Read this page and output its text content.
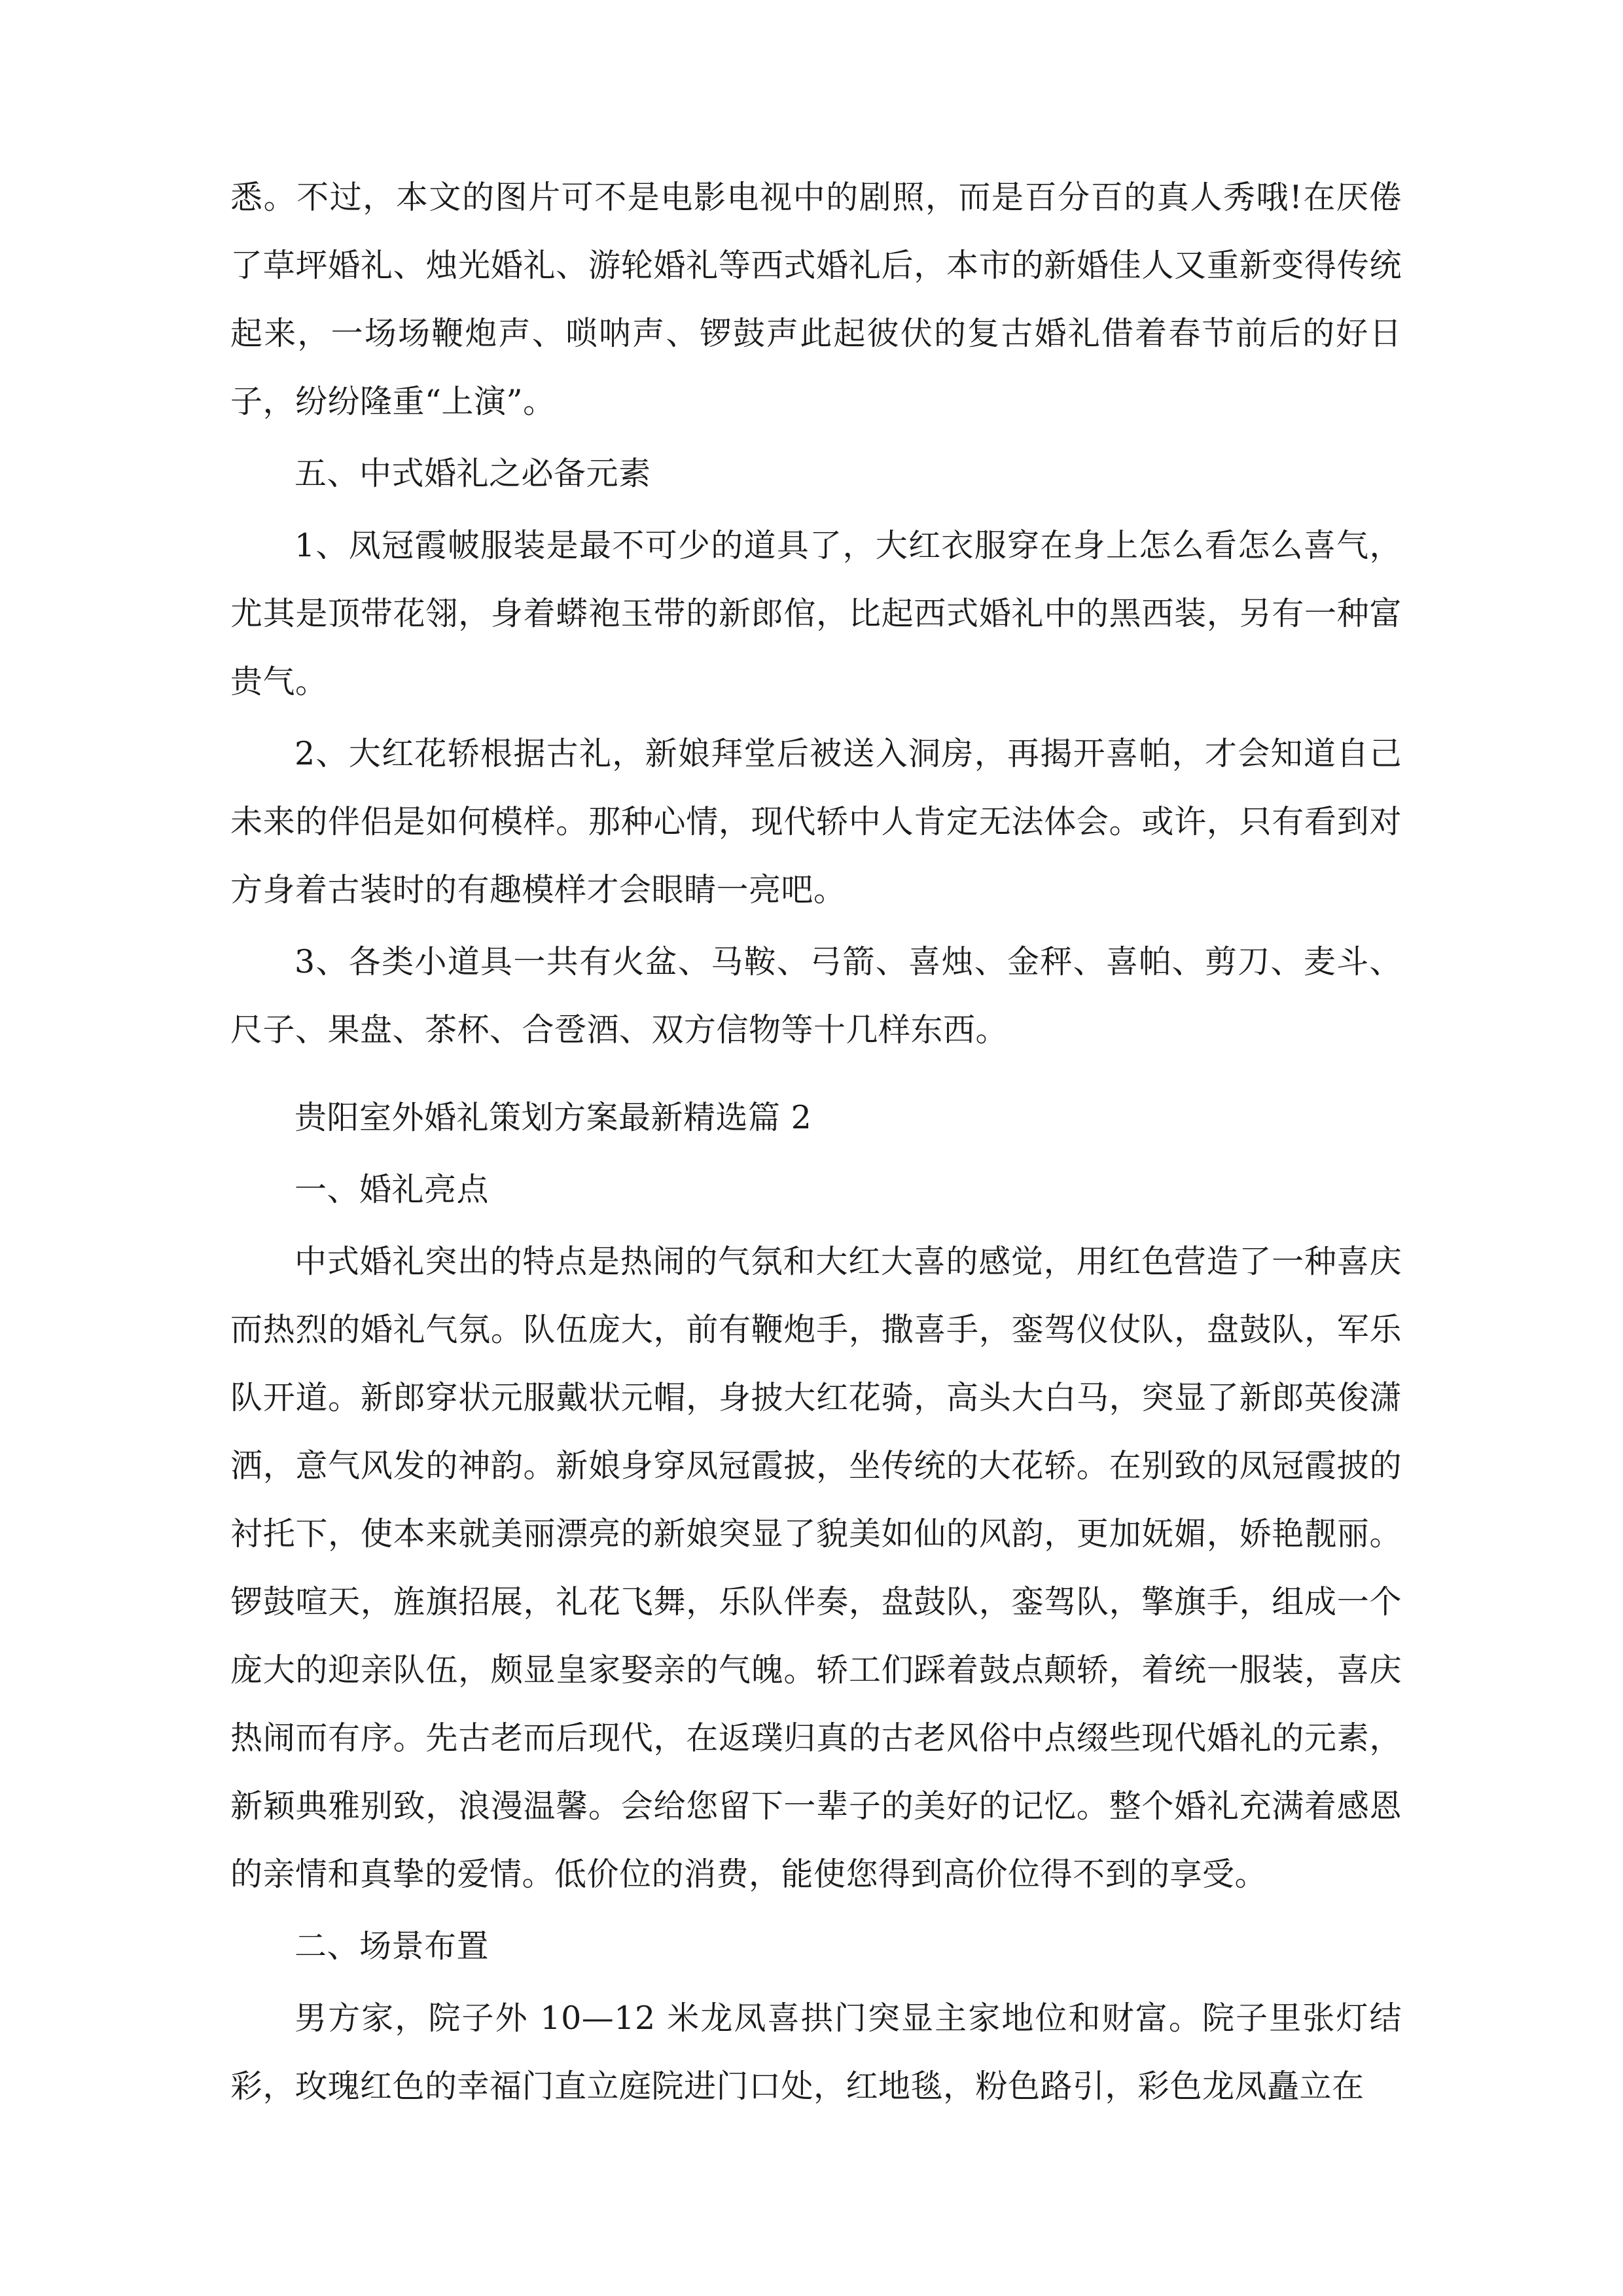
悉。不过，本文的图片可不是电影电视中的剧照，而是百分百的真人秀哦!在厌倦了草坪婚礼、烛光婚礼、游轮婚礼等西式婚礼后，本市的新婚佳人又重新变得传统起来，一场场鞭炮声、唢呐声、锣鼓声此起彼伏的复古婚礼借着春节前后的好日子，纷纷隆重“上演”。

五、中式婚礼之必备元素

1、凤冠霞帔服装是最不可少的道具了，大红衣服穿在身上怎么看怎么喜气，尤其是顶带花翎，身着蟒袍玉带的新郎倌，比起西式婚礼中的黑西装，另有一种富贵气。

2、大红花轿根据古礼，新娘拜堂后被送入洞房，再揭开喜帕，才会知道自己未来的伴侣是如何模样。那种心情，现代轿中人肯定无法体会。或许，只有看到对方身着古装时的有趣模样才会眼睛一亮吧。

3、各类小道具一共有火盆、马鞍、弓箭、喜烛、金秤、喜帕、剪刀、麦斗、尺子、果盘、茶杯、合卺酒、双方信物等十几样东西。

贵阳室外婚礼策划方案最新精选篇 2

一、婚礼亮点

中式婚礼突出的特点是热闹的气氛和大红大喜的感觉，用红色营造了一种喜庆而热烈的婚礼气氛。队伍庞大，前有鞭炮手，撒喜手，銮驾仪仗队，盘鼓队，军乐队开道。新郎穿状元服戴状元帽，身披大红花骑，高头大白马，突显了新郎英俊潇洒，意气风发的神韵。新娘身穿凤冠霞披，坐传统的大花轿。在别致的凤冠霞披的衬托下，使本来就美丽漂亮的新娘突显了貌美如仙的风韵，更加妩媚，娇艳靓丽。锣鼓喧天，旌旗招展，礼花飞舞，乐队伴奏，盘鼓队，銮驾队，擎旗手，组成一个庞大的迎亲队伍，颇显皇家娶亲的气魄。轿工们踩着鼓点颠轿，着统一服装，喜庆热闹而有序。先古老而后现代，在返璞归真的古老风俗中点缀些现代婚礼的元素，新颖典雅别致，浪漫温馨。会给您留下一辈子的美好的记忆。整个婚礼充满着感恩的亲情和真挚的爱情。低价位的消费，能使您得到高价位得不到的享受。

二、场景布置

男方家，院子外 10—12 米龙凤喜拱门突显主家地位和财富。院子里张灯结彩，玫瑰红色的幸福门直立庭院进门口处，红地毯，粉色路引，彩色龙凤矗立在
